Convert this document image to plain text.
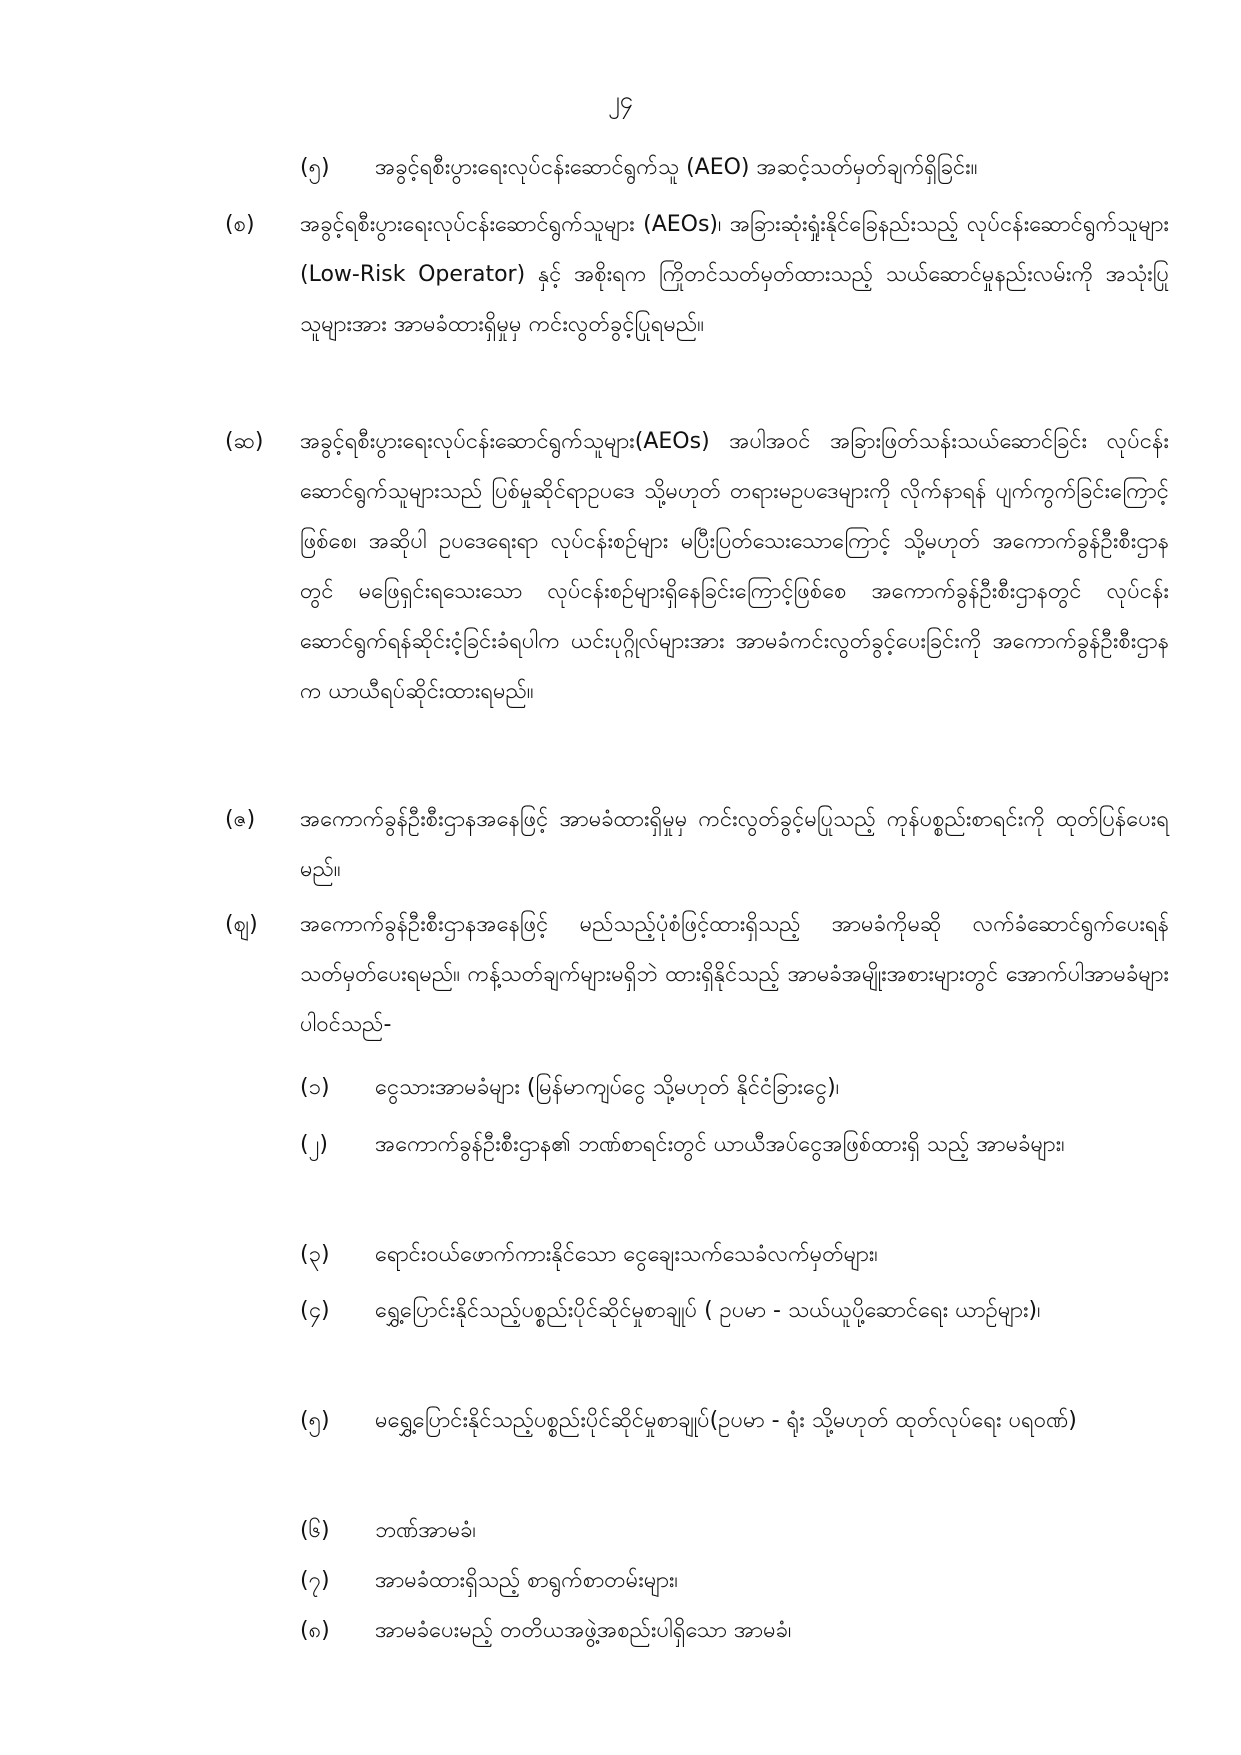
၂၄
(၅) အခွင့်ရစီးပွားရေးလုပ်ငန်းဆောင်ရွက်သူ (AEO) အဆင့်သတ်မှတ်ချက်ရှိခြင်း။
(စ) အခွင့်ရစီးပွားရေးလုပ်ငန်းဆောင်ရွက်သူများ (AEOs)၊ အခြားဆုံးရှုံးနိုင်ခြေနည်းသည့် လုပ်ငန်းဆောင်ရွက်သူများ (Low-Risk Operator) နှင့် အစိုးရက ကြိုတင်သတ်မှတ်ထားသည့် သယ်ဆောင်မှုနည်းလမ်းကို အသုံးပြုသူများအား အာမခံထားရှိမှုမှ ကင်းလွတ်ခွင့်ပြုရမည်။
(ဆ) အခွင့်ရစီးပွားရေးလုပ်ငန်းဆောင်ရွက်သူများ(AEOs) အပါအဝင် အခြားဖြတ်သန်းသယ်ဆောင်ခြင်း လုပ်ငန်းဆောင်ရွက်သူများသည် ပြစ်မှုဆိုင်ရာဥပဒေ သို့မဟုတ် တရားမဥပဒေများကို လိုက်နာရန် ပျက်ကွက်ခြင်းကြောင့်ဖြစ်စေ၊ အဆိုပါ ဥပဒေရေးရာ လုပ်ငန်းစဉ်များ မပြီးပြတ်သေးသောကြောင့် သို့မဟုတ် အကောက်ခွန်ဦးစီးဌာနတွင် မဖြေရှင်းရသေးသော လုပ်ငန်းစဉ်များရှိနေခြင်းကြောင့်ဖြစ်စေ အကောက်ခွန်ဦးစီးဌာနတွင် လုပ်ငန်းဆောင်ရွက်ရန်ဆိုင်းငံ့ခြင်းခံရပါက ယင်းပုဂ္ဂိုလ်များအား အာမခံကင်းလွတ်ခွင့်ပေးခြင်းကို အကောက်ခွန်ဦးစီးဌာနက ယာယီရပ်ဆိုင်းထားရမည်။
(ဇ) အကောက်ခွန်ဦးစီးဌာနအနေဖြင့် အာမခံထားရှိမှုမှ ကင်းလွတ်ခွင့်မပြုသည့် ကုန်ပစ္စည်းစာရင်းကို ထုတ်ပြန်ပေးရမည်။
(ဈ) အကောက်ခွန်ဦးစီးဌာနအနေဖြင့် မည်သည့်ပုံစံဖြင့်ထားရှိသည့် အာမခံကိုမဆို လက်ခံဆောင်ရွက်ပေးရန် သတ်မှတ်ပေးရမည်။ ကန့်သတ်ချက်များမရှိဘဲ ထားရှိနိုင်သည့် အာမခံအမျိုးအစားများတွင် အောက်ပါအာမခံများ ပါဝင်သည်-
(၁) ငွေသားအာမခံများ (မြန်မာကျပ်ငွေ သို့မဟုတ် နိုင်ငံခြားငွေ)၊
(၂) အကောက်ခွန်ဦးစီးဌာန၏ ဘဏ်စာရင်းတွင် ယာယီအပ်ငွေအဖြစ်ထားရှိ သည့် အာမခံများ၊
(၃) ရောင်းဝယ်ဖောက်ကားနိုင်သော ငွေချေးသက်သေခံလက်မှတ်များ၊
(၄) ရွှေ့ပြောင်းနိုင်သည့်ပစ္စည်းပိုင်ဆိုင်မှုစာချုပ် ( ဥပမာ - သယ်ယူပို့ဆောင်ရေး ယာဉ်များ)၊
(၅) မရွှေ့ပြောင်းနိုင်သည့်ပစ္စည်းပိုင်ဆိုင်မှုစာချုပ်(ဥပမာ - ရုံး သို့မဟုတ် ထုတ်လုပ်ရေး ပရဝဏ်)
(၆) ဘဏ်အာမခံ၊
(၇) အာမခံထားရှိသည့် စာရွက်စာတမ်းများ၊
(၈) အာမခံပေးမည့် တတိယအဖွဲ့အစည်းပါရှိသော အာမခံ၊
